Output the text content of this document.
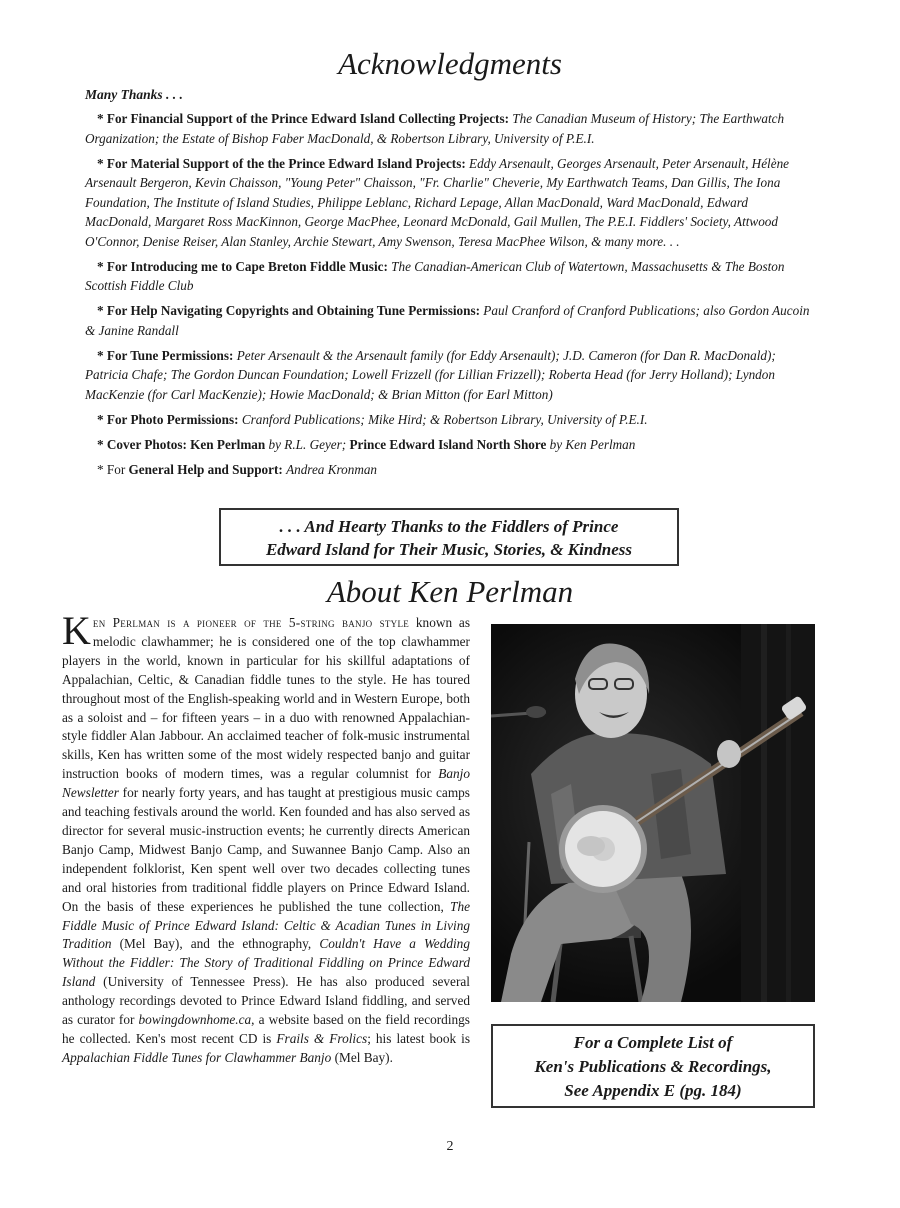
Acknowledgments
Many Thanks . . .

* For Financial Support of the Prince Edward Island Collecting Projects: The Canadian Museum of History; The Earthwatch Organization; the Estate of Bishop Faber MacDonald, & Robertson Library, University of P.E.I.

* For Material Support of the the Prince Edward Island Projects: Eddy Arsenault, Georges Arsenault, Peter Arsenault, Hélène Arsenault Bergeron, Kevin Chaisson, "Young Peter" Chaisson, "Fr. Charlie" Cheverie, My Earthwatch Teams, Dan Gillis, The Iona Foundation, The Institute of Island Studies, Philippe Leblanc, Richard Lepage, Allan MacDonald, Ward MacDonald, Edward MacDonald, Margaret Ross MacKinnon, George MacPhee, Leonard McDonald, Gail Mullen, The P.E.I. Fiddlers' Society, Attwood O'Connor, Denise Reiser, Alan Stanley, Archie Stewart, Amy Swenson, Teresa MacPhee Wilson, & many more. . .

* For Introducing me to Cape Breton Fiddle Music: The Canadian-American Club of Watertown, Massachusetts & The Boston Scottish Fiddle Club

* For Help Navigating Copyrights and Obtaining Tune Permissions: Paul Cranford of Cranford Publications; also Gordon Aucoin & Janine Randall

* For Tune Permissions: Peter Arsenault & the Arsenault family (for Eddy Arsenault); J.D. Cameron (for Dan R. MacDonald); Patricia Chafe; The Gordon Duncan Foundation; Lowell Frizzell (for Lillian Frizzell); Roberta Head (for Jerry Holland); Lyndon MacKenzie (for Carl MacKenzie); Howie MacDonald; & Brian Mitton (for Earl Mitton)

* For Photo Permissions: Cranford Publications; Mike Hird; & Robertson Library, University of P.E.I.

* Cover Photos: Ken Perlman by R.L. Geyer; Prince Edward Island North Shore by Ken Perlman

* For General Help and Support: Andrea Kronman

. . . And Hearty Thanks to the Fiddlers of Prince
Edward Island for Their Music, Stories, & Kindness
About Ken Perlman

Ken Perlman is a pioneer of the 5-string banjo style known as melodic clawhammer; he is considered one of the top clawhammer players in the world, known in particular for his skillful adaptations of Appalachian, Celtic, & Canadian fiddle tunes to the style. He has toured throughout most of the English-speaking world and in Western Europe, both as a soloist and – for fifteen years – in a duo with renowned Appalachian-style fiddler Alan Jabbour. An acclaimed teacher of folk-music instrumental skills, Ken has written some of the most widely respected banjo and guitar instruction books of modern times, was a regular columnist for Banjo Newsletter for nearly forty years, and has taught at prestigious music camps and teaching festivals around the world. Ken founded and has also served as director for several music-instruction events; he currently directs American Banjo Camp, Midwest Banjo Camp, and Suwannee Banjo Camp. Also an independent folklorist, Ken spent well over two decades collecting tunes and oral histories from traditional fiddle players on Prince Edward Island. On the basis of these experiences he published the tune collection, The Fiddle Music of Prince Edward Island: Celtic & Acadian Tunes in Living Tradition (Mel Bay), and the ethnography, Couldn't Have a Wedding Without the Fiddler: The Story of Traditional Fiddling on Prince Edward Island (University of Tennessee Press). He has also produced several anthology recordings devoted to Prince Edward Island fiddling, and served as curator for bowingdownhome.ca, a website based on the field recordings he collected. Ken's most recent CD is Frails & Frolics; his latest book is Appalachian Fiddle Tunes for Clawhammer Banjo (Mel Bay).

For a Complete List of
Ken's Publications & Recordings,
See Appendix E (pg. 184)
2
